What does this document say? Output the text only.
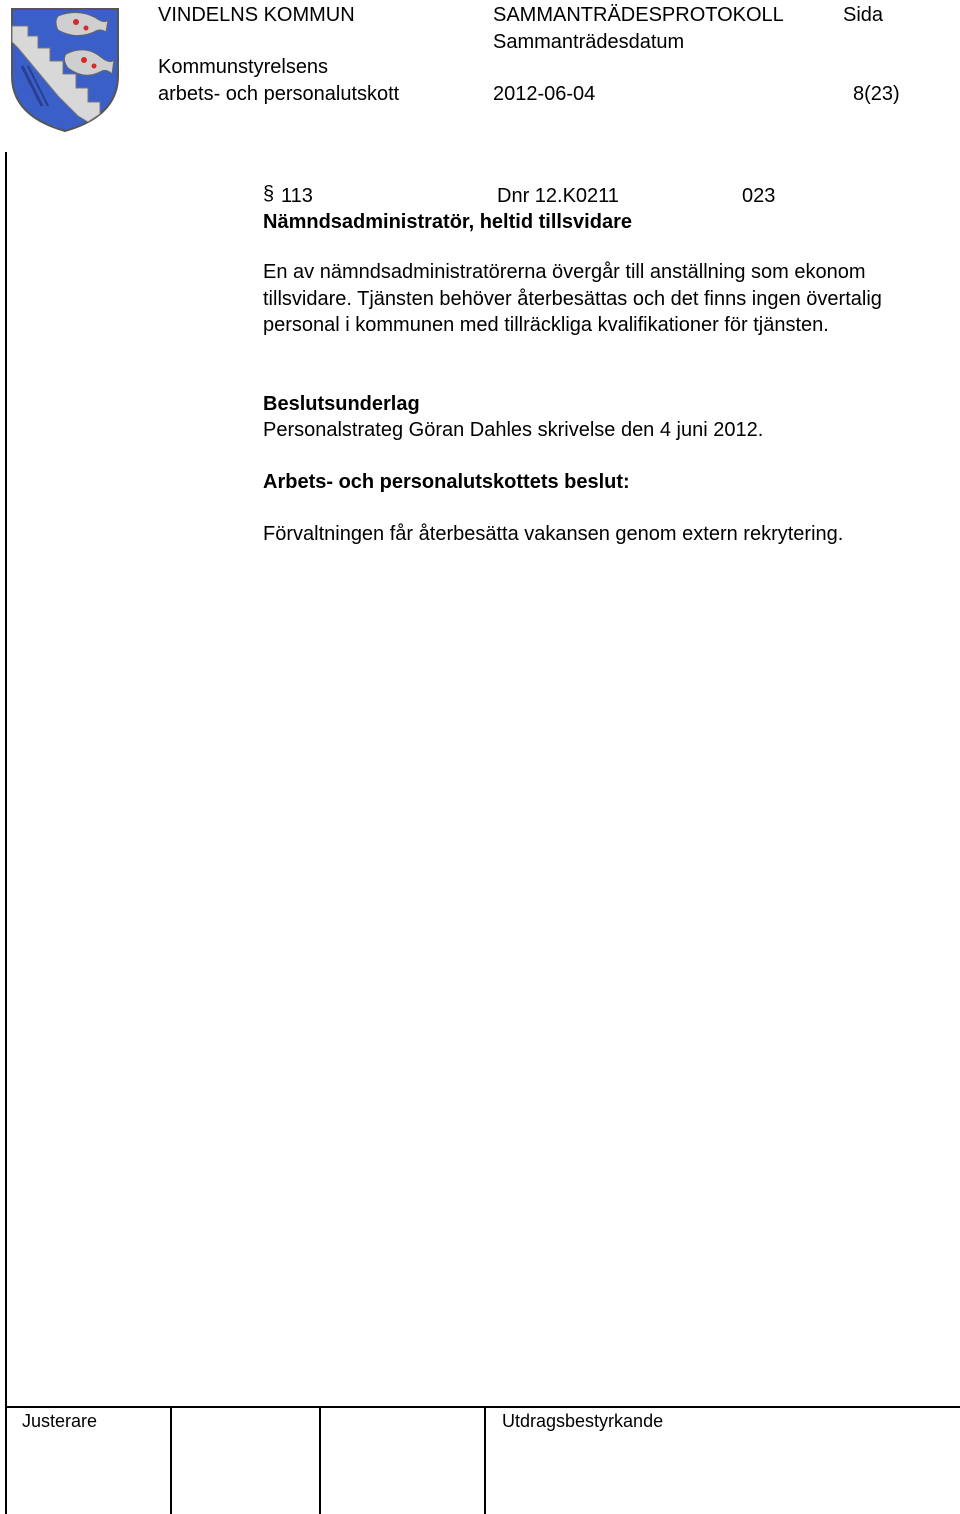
VINDELNS KOMMUN	SAMMANTRÄDESPROTOKOLL	Sida
Sammanträdesdatum
Kommunstyrelsens
arbets- och personalutskott	2012-06-04	8(23)
§ 113	Dnr 12.K0211	023
Nämndsadministratör, heltid tillsvidare
En av nämndsadministratörerna övergår till anställning som ekonom tillsvidare. Tjänsten behöver återbesättas och det finns ingen övertalig personal i kommunen med tillräckliga kvalifikationer för tjänsten.
Beslutsunderlag
Personalstrateg Göran Dahles skrivelse den 4 juni 2012.
Arbets- och personalutskottets beslut:
Förvaltningen får återbesätta vakansen genom extern rekrytering.
Justerare	Utdragsbestyrkande
